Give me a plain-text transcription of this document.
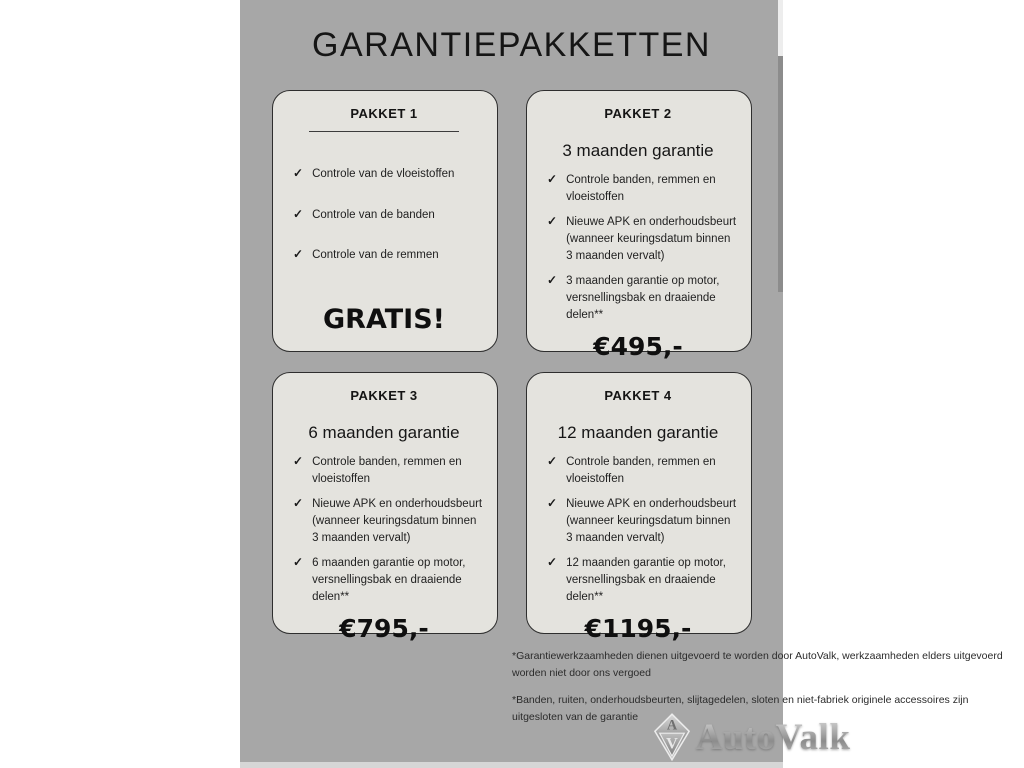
GARANTIEPAKKETTEN
PAKKET 1
✓ Controle van de vloeistoffen
✓ Controle van de banden
✓ Controle van de remmen
GRATIS!
PAKKET 2
3 maanden garantie
✓ Controle banden, remmen en vloeistoffen
✓ Nieuwe APK en onderhoudsbeurt (wanneer keuringsdatum binnen 3 maanden vervalt)
✓ 3 maanden garantie op motor, versnellingsbak en draaiende delen**
€495,-
PAKKET 3
6 maanden garantie
✓ Controle banden, remmen en vloeistoffen
✓ Nieuwe APK en onderhoudsbeurt (wanneer keuringsdatum binnen 3 maanden vervalt)
✓ 6 maanden garantie op motor, versnellingsbak en draaiende delen**
€795,-
PAKKET 4
12 maanden garantie
✓ Controle banden, remmen en vloeistoffen
✓ Nieuwe APK en onderhoudsbeurt (wanneer keuringsdatum binnen 3 maanden vervalt)
✓ 12 maanden garantie op motor, versnellingsbak en draaiende delen**
€1195,-

*Garantiewerkzaamheden dienen uitgevoerd te worden door AutoValk, werkzaamheden elders uitgevoerd worden niet door ons vergoed

*Banden, ruiten, onderhoudsbeurten, slijtagedelen, sloten en niet-fabriek originele accessoires zijn uitgesloten van de garantie

A
V AutoValk
